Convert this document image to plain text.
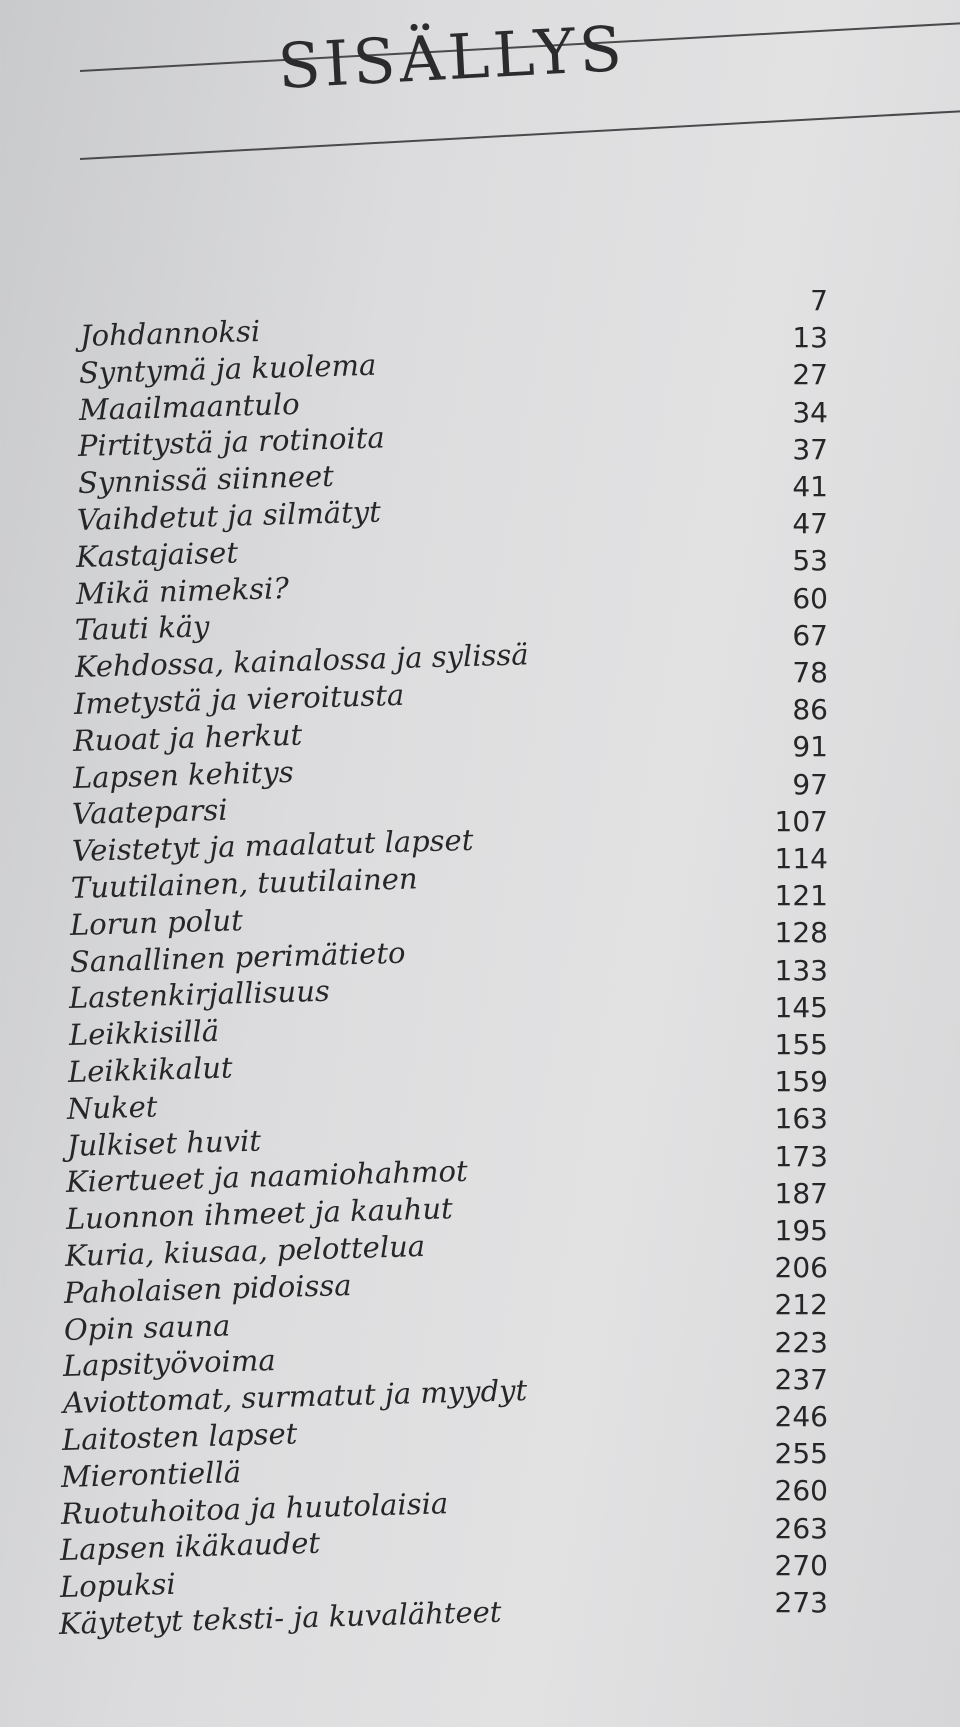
SISÄLLYS
Johdannoksi
Syntymä ja kuolema
Maailmaantulo
Pirtitystä ja rotinoita
Synnissä siinneet
Vaihdetut ja silmätyt
Kastajaiset
Mikä nimeksi?
Tauti käy
Kehdossa, kainalossa ja sylissä
Imetystä ja vieroitusta
Ruoat ja herkut
Lapsen kehitys
Vaateparsi
Veistetyt ja maalatut lapset
Tuutilainen, tuutilainen
Lorun polut
Sanallinen perimätieto
Lastenkirjallisuus
Leikkisillä
Leikkikalut
Nuket
Julkiset huvit
Kiertueet ja naamiohahmot
Luonnon ihmeet ja kauhut
Kuria, kiusaa, pelottelua
Paholaisen pidoissa
Opin sauna
Lapsityövoima
Aviottomat, surmatut ja myydyt
Laitosten lapset
Mierontiellä
Ruotuhoitoa ja huutolaisia
Lapsen ikäkaudet
Lopuksi
Käytetyt teksti- ja kuvalähteet
7
13
27
34
37
41
47
53
60
67
78
86
91
97
107
114
121
128
133
145
155
159
163
173
187
195
206
212
223
237
246
255
260
263
270
273
